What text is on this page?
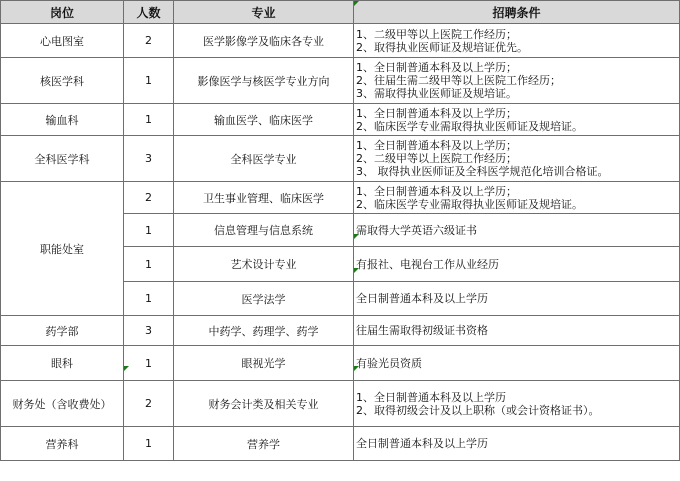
岗位	人数	专业	招聘条件
心电图室	2	医学影像学及临床各专业	1、二级甲等以上医院工作经历；
2、取得执业医师证及规培证优先。

核医学科	1	影像医学与核医学专业方向	1、全日制普通本科及以上学历；
2、往届生需二级甲等以上医院工作经历；
3、需取得执业医师证及规培证。

输血科	1	输血医学、临床医学	1、全日制普通本科及以上学历；
2、临床医学专业需取得执业医师证及规培证。

全科医学科	3	全科医学专业	1、全日制普通本科及以上学历；
2、二级甲等以上医院工作经历；
3、 取得执业医师证及全科医学规范化培训合格证。

职能处室	2	卫生事业管理、临床医学	1、全日制普通本科及以上学历；
2、临床医学专业需取得执业医师证及规培证。

	1	信息管理与信息系统	需取得大学英语六级证书

	1	艺术设计专业	有报社、电视台工作从业经历

	1	医学法学	全日制普通本科及以上学历

药学部	3	中药学、药理学、药学	往届生需取得初级证书资格

眼科	1	眼视光学	有验光员资质

财务处（含收费处）	2	财务会计类及相关专业	1、全日制普通本科及以上学历
2、取得初级会计及以上职称（或会计资格证书）。

营养科	1	营养学	全日制普通本科及以上学历
